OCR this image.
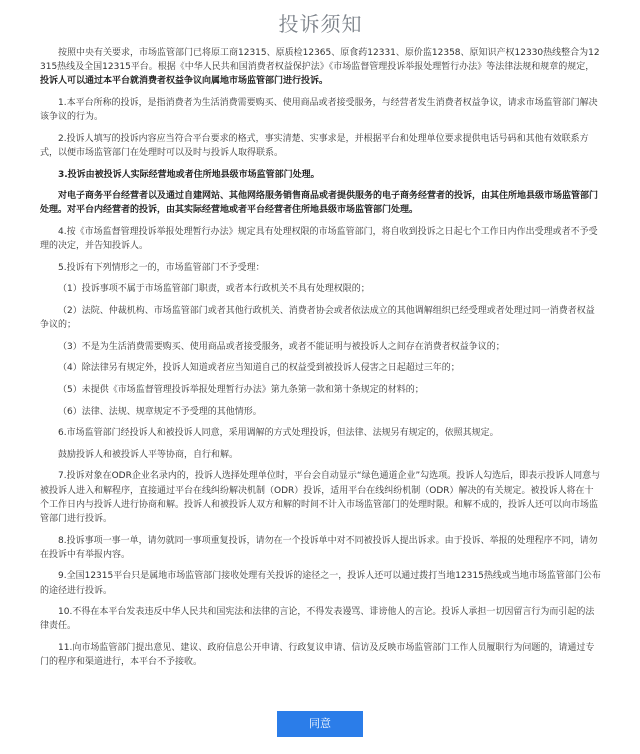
投诉须知

按照中央有关要求，市场监管部门已将原工商12315、原质检12365、原食药12331、原价监12358、原知识产权12330热线整合为12315热线及全国12315平台。根据《中华人民共和国消费者权益保护法》《市场监督管理投诉举报处理暂行办法》等法律法规和规章的规定，投诉人可以通过本平台就消费者权益争议向属地市场监管部门进行投诉。

1.本平台所称的投诉，是指消费者为生活消费需要购买、使用商品或者接受服务，与经营者发生消费者权益争议，请求市场监管部门解决该争议的行为。

2.投诉人填写的投诉内容应当符合平台要求的格式，事实清楚、实事求是，并根据平台和处理单位要求提供电话号码和其他有效联系方式，以便市场监管部门在处理时可以及时与投诉人取得联系。

3.投诉由被投诉人实际经营地或者住所地县级市场监管部门处理。

对电子商务平台经营者以及通过自建网站、其他网络服务销售商品或者提供服务的电子商务经营者的投诉，由其住所地县级市场监管部门处理。对平台内经营者的投诉，由其实际经营地或者平台经营者住所地县级市场监管部门处理。

4.按《市场监督管理投诉举报处理暂行办法》规定具有处理权限的市场监管部门，将自收到投诉之日起七个工作日内作出受理或者不予受理的决定，并告知投诉人。

5.投诉有下列情形之一的，市场监管部门不予受理：

（1）投诉事项不属于市场监管部门职责，或者本行政机关不具有处理权限的；

（2）法院、仲裁机构、市场监管部门或者其他行政机关、消费者协会或者依法成立的其他调解组织已经受理或者处理过同一消费者权益争议的；

（3）不是为生活消费需要购买、使用商品或者接受服务，或者不能证明与被投诉人之间存在消费者权益争议的；

（4）除法律另有规定外，投诉人知道或者应当知道自己的权益受到被投诉人侵害之日起超过三年的；

（5）未提供《市场监督管理投诉举报处理暂行办法》第九条第一款和第十条规定的材料的；

（6）法律、法规、规章规定不予受理的其他情形。

6.市场监管部门经投诉人和被投诉人同意，采用调解的方式处理投诉，但法律、法规另有规定的，依照其规定。

鼓励投诉人和被投诉人平等协商，自行和解。

7.投诉对象在ODR企业名录内的，投诉人选择处理单位时，平台会自动显示“绿色通道企业”勾选项。投诉人勾选后，即表示投诉人同意与被投诉人进入和解程序，直接通过平台在线纠纷解决机制（ODR）投诉，适用平台在线纠纷机制（ODR）解决的有关规定。被投诉人将在十个工作日内与投诉人进行协商和解。投诉人和被投诉人双方和解的时间不计入市场监管部门的处理时限。和解不成的，投诉人还可以向市场监管部门进行投诉。

8.投诉事项一事一单，请勿就同一事项重复投诉，请勿在一个投诉单中对不同被投诉人提出诉求。由于投诉、举报的处理程序不同，请勿在投诉中有举报内容。

9.全国12315平台只是属地市场监管部门接收处理有关投诉的途径之一，投诉人还可以通过拨打当地12315热线或当地市场监管部门公布的途径进行投诉。

10.不得在本平台发表违反中华人民共和国宪法和法律的言论，不得发表谩骂、诽谤他人的言论。投诉人承担一切因留言行为而引起的法律责任。

11.向市场监管部门提出意见、建议、政府信息公开申请、行政复议申请、信访及反映市场监管部门工作人员履职行为问题的，请通过专门的程序和渠道进行，本平台不予接收。

同意
